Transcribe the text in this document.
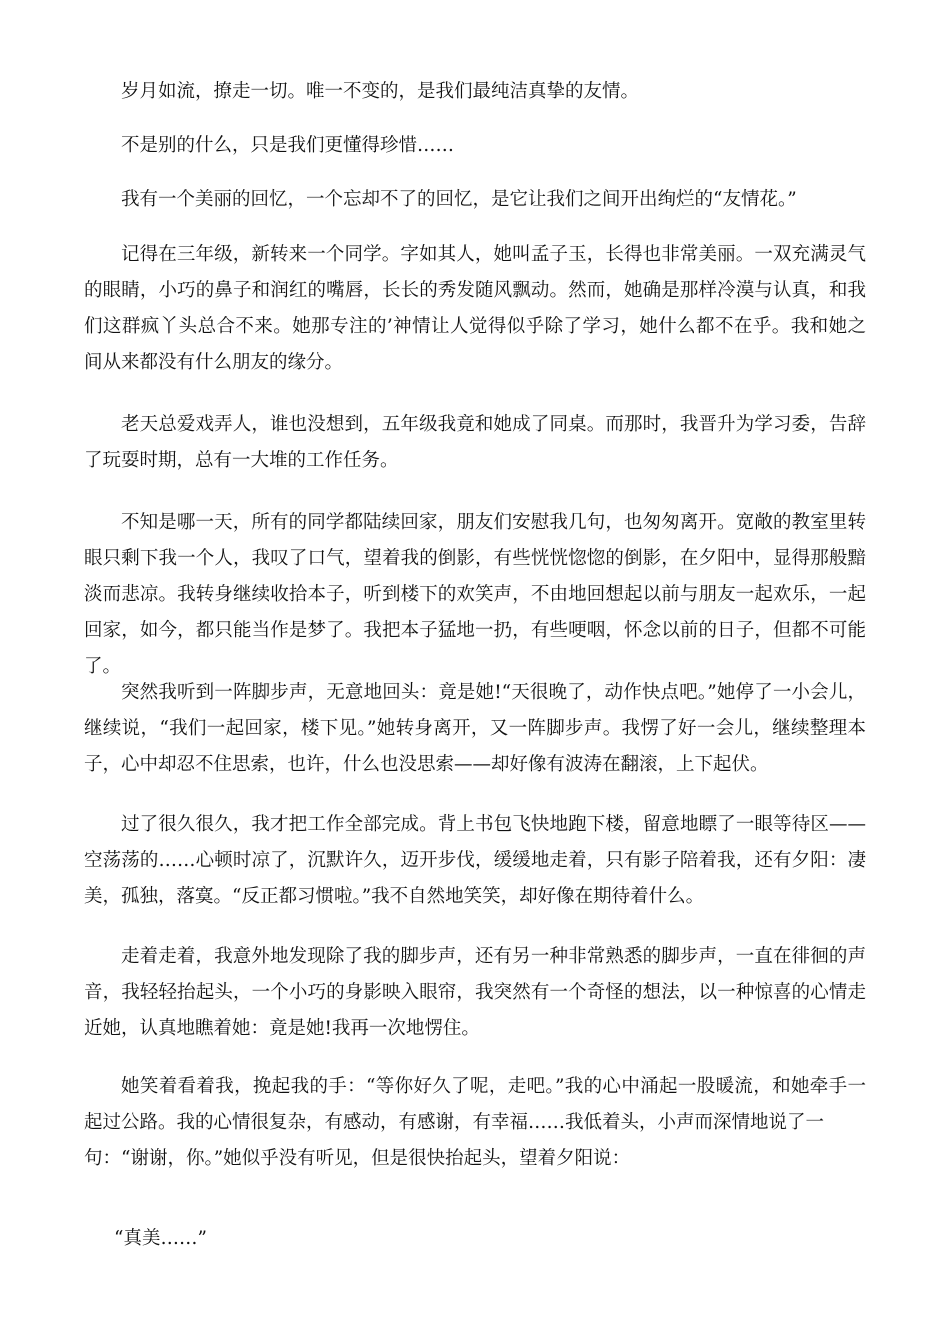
岁月如流，撩走一切。唯一不变的，是我们最纯洁真挚的友情。

不是别的什么，只是我们更懂得珍惜……

我有一个美丽的回忆，一个忘却不了的回忆，是它让我们之间开出绚烂的“友情花。”

记得在三年级，新转来一个同学。字如其人，她叫孟子玉，长得也非常美丽。一双充满灵气的眼睛，小巧的鼻子和润红的嘴唇，长长的秀发随风飘动。然而，她确是那样冷漠与认真，和我们这群疯丫头总合不来。她那专注的’神情让人觉得似乎除了学习，她什么都不在乎。我和她之间从来都没有什么朋友的缘分。

老天总爱戏弄人，谁也没想到，五年级我竟和她成了同桌。而那时，我晋升为学习委，告辞了玩耍时期，总有一大堆的工作任务。

不知是哪一天，所有的同学都陆续回家，朋友们安慰我几句，也匆匆离开。宽敞的教室里转眼只剩下我一个人，我叹了口气，望着我的倒影，有些恍恍惚惚的倒影，在夕阳中，显得那般黯淡而悲凉。我转身继续收拾本子，听到楼下的欢笑声，不由地回想起以前与朋友一起欢乐，一起回家，如今，都只能当作是梦了。我把本子猛地一扔，有些哽咽，怀念以前的日子，但都不可能了。

突然我听到一阵脚步声，无意地回头：竟是她!“天很晚了，动作快点吧。”她停了一小会儿，继续说，“我们一起回家，楼下见。”她转身离开，又一阵脚步声。我愣了好一会儿，继续整理本子，心中却忍不住思索，也许，什么也没思索——却好像有波涛在翻滚，上下起伏。

过了很久很久，我才把工作全部完成。背上书包飞快地跑下楼，留意地瞟了一眼等待区——空荡荡的……心顿时凉了，沉默许久，迈开步伐，缓缓地走着，只有影子陪着我，还有夕阳：凄美，孤独，落寞。“反正都习惯啦。”我不自然地笑笑，却好像在期待着什么。

走着走着，我意外地发现除了我的脚步声，还有另一种非常熟悉的脚步声，一直在徘徊的声音，我轻轻抬起头，一个小巧的身影映入眼帘，我突然有一个奇怪的想法，以一种惊喜的心情走近她，认真地瞧着她：竟是她!我再一次地愣住。

她笑着看着我，挽起我的手：“等你好久了呢，走吧。”我的心中涌起一股暖流，和她牵手一起过公路。我的心情很复杂，有感动，有感谢，有幸福……我低着头，小声而深情地说了一
句：“谢谢，你。”她似乎没有听见，但是很快抬起头，望着夕阳说：

“真美……”
